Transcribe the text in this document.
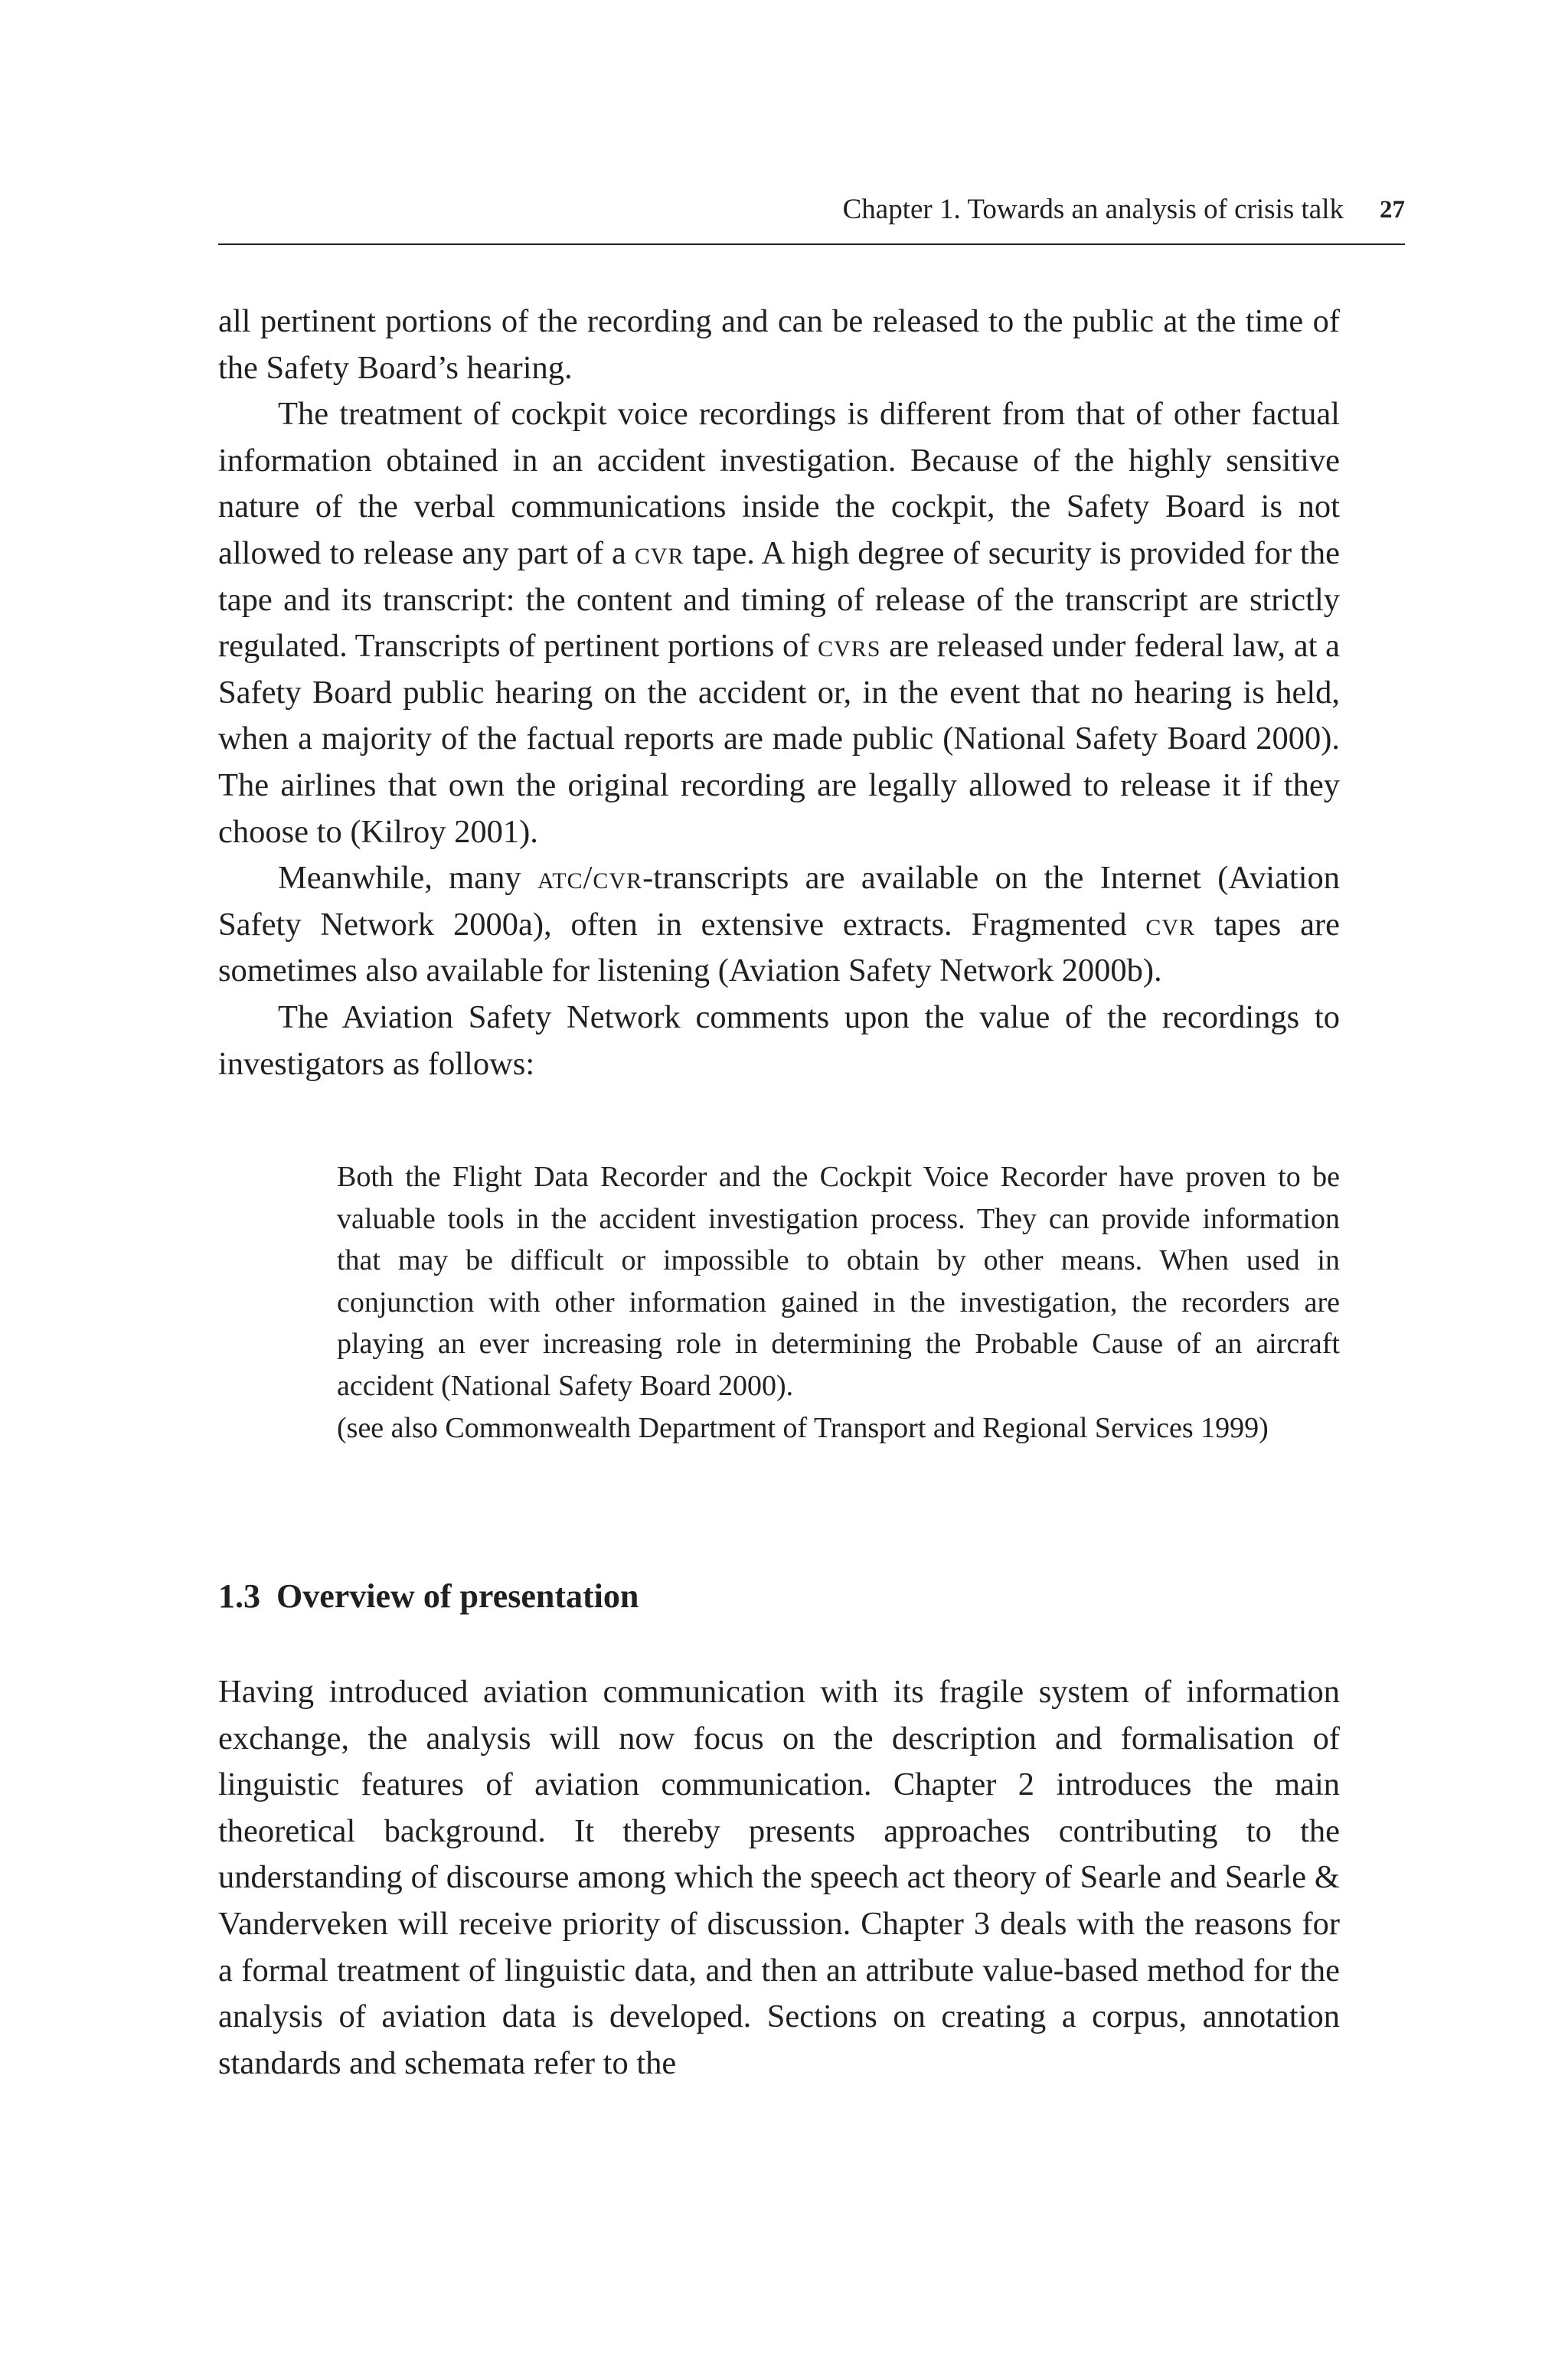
Chapter 1. Towards an analysis of crisis talk 27

all pertinent portions of the recording and can be released to the public at the time of the Safety Board’s hearing.

The treatment of cockpit voice recordings is different from that of other factual information obtained in an accident investigation. Because of the highly sensitive nature of the verbal communications inside the cockpit, the Safety Board is not allowed to release any part of a cvr tape. A high degree of security is provided for the tape and its transcript: the content and timing of release of the transcript are strictly regulated. Transcripts of pertinent portions of cvrs are released under federal law, at a Safety Board public hearing on the accident or, in the event that no hearing is held, when a majority of the factual reports are made public (National Safety Board 2000). The airlines that own the original recording are legally allowed to release it if they choose to (Kilroy 2001).

Meanwhile, many atc/cvr-transcripts are available on the Internet (Aviation Safety Network 2000a), often in extensive extracts. Fragmented cvr tapes are sometimes also available for listening (Aviation Safety Network 2000b).

The Aviation Safety Network comments upon the value of the recordings to investigators as follows:

Both the Flight Data Recorder and the Cockpit Voice Recorder have proven to be valuable tools in the accident investigation process. They can provide information that may be difficult or impossible to obtain by other means. When used in conjunction with other information gained in the investigation, the recorders are playing an ever increasing role in determining the Probable Cause of an aircraft accident (National Safety Board 2000).

(see also Commonwealth Department of Transport and Regional Services 1999)

1.3 Overview of presentation

Having introduced aviation communication with its fragile system of information exchange, the analysis will now focus on the description and formalisation of linguistic features of aviation communication. Chapter 2 introduces the main theoretical background. It thereby presents approaches contributing to the understanding of discourse among which the speech act theory of Searle and Searle & Vanderveken will receive priority of discussion. Chapter 3 deals with the reasons for a formal treatment of linguistic data, and then an attribute value-based method for the analysis of aviation data is developed. Sections on creating a corpus, annotation standards and schemata refer to the
